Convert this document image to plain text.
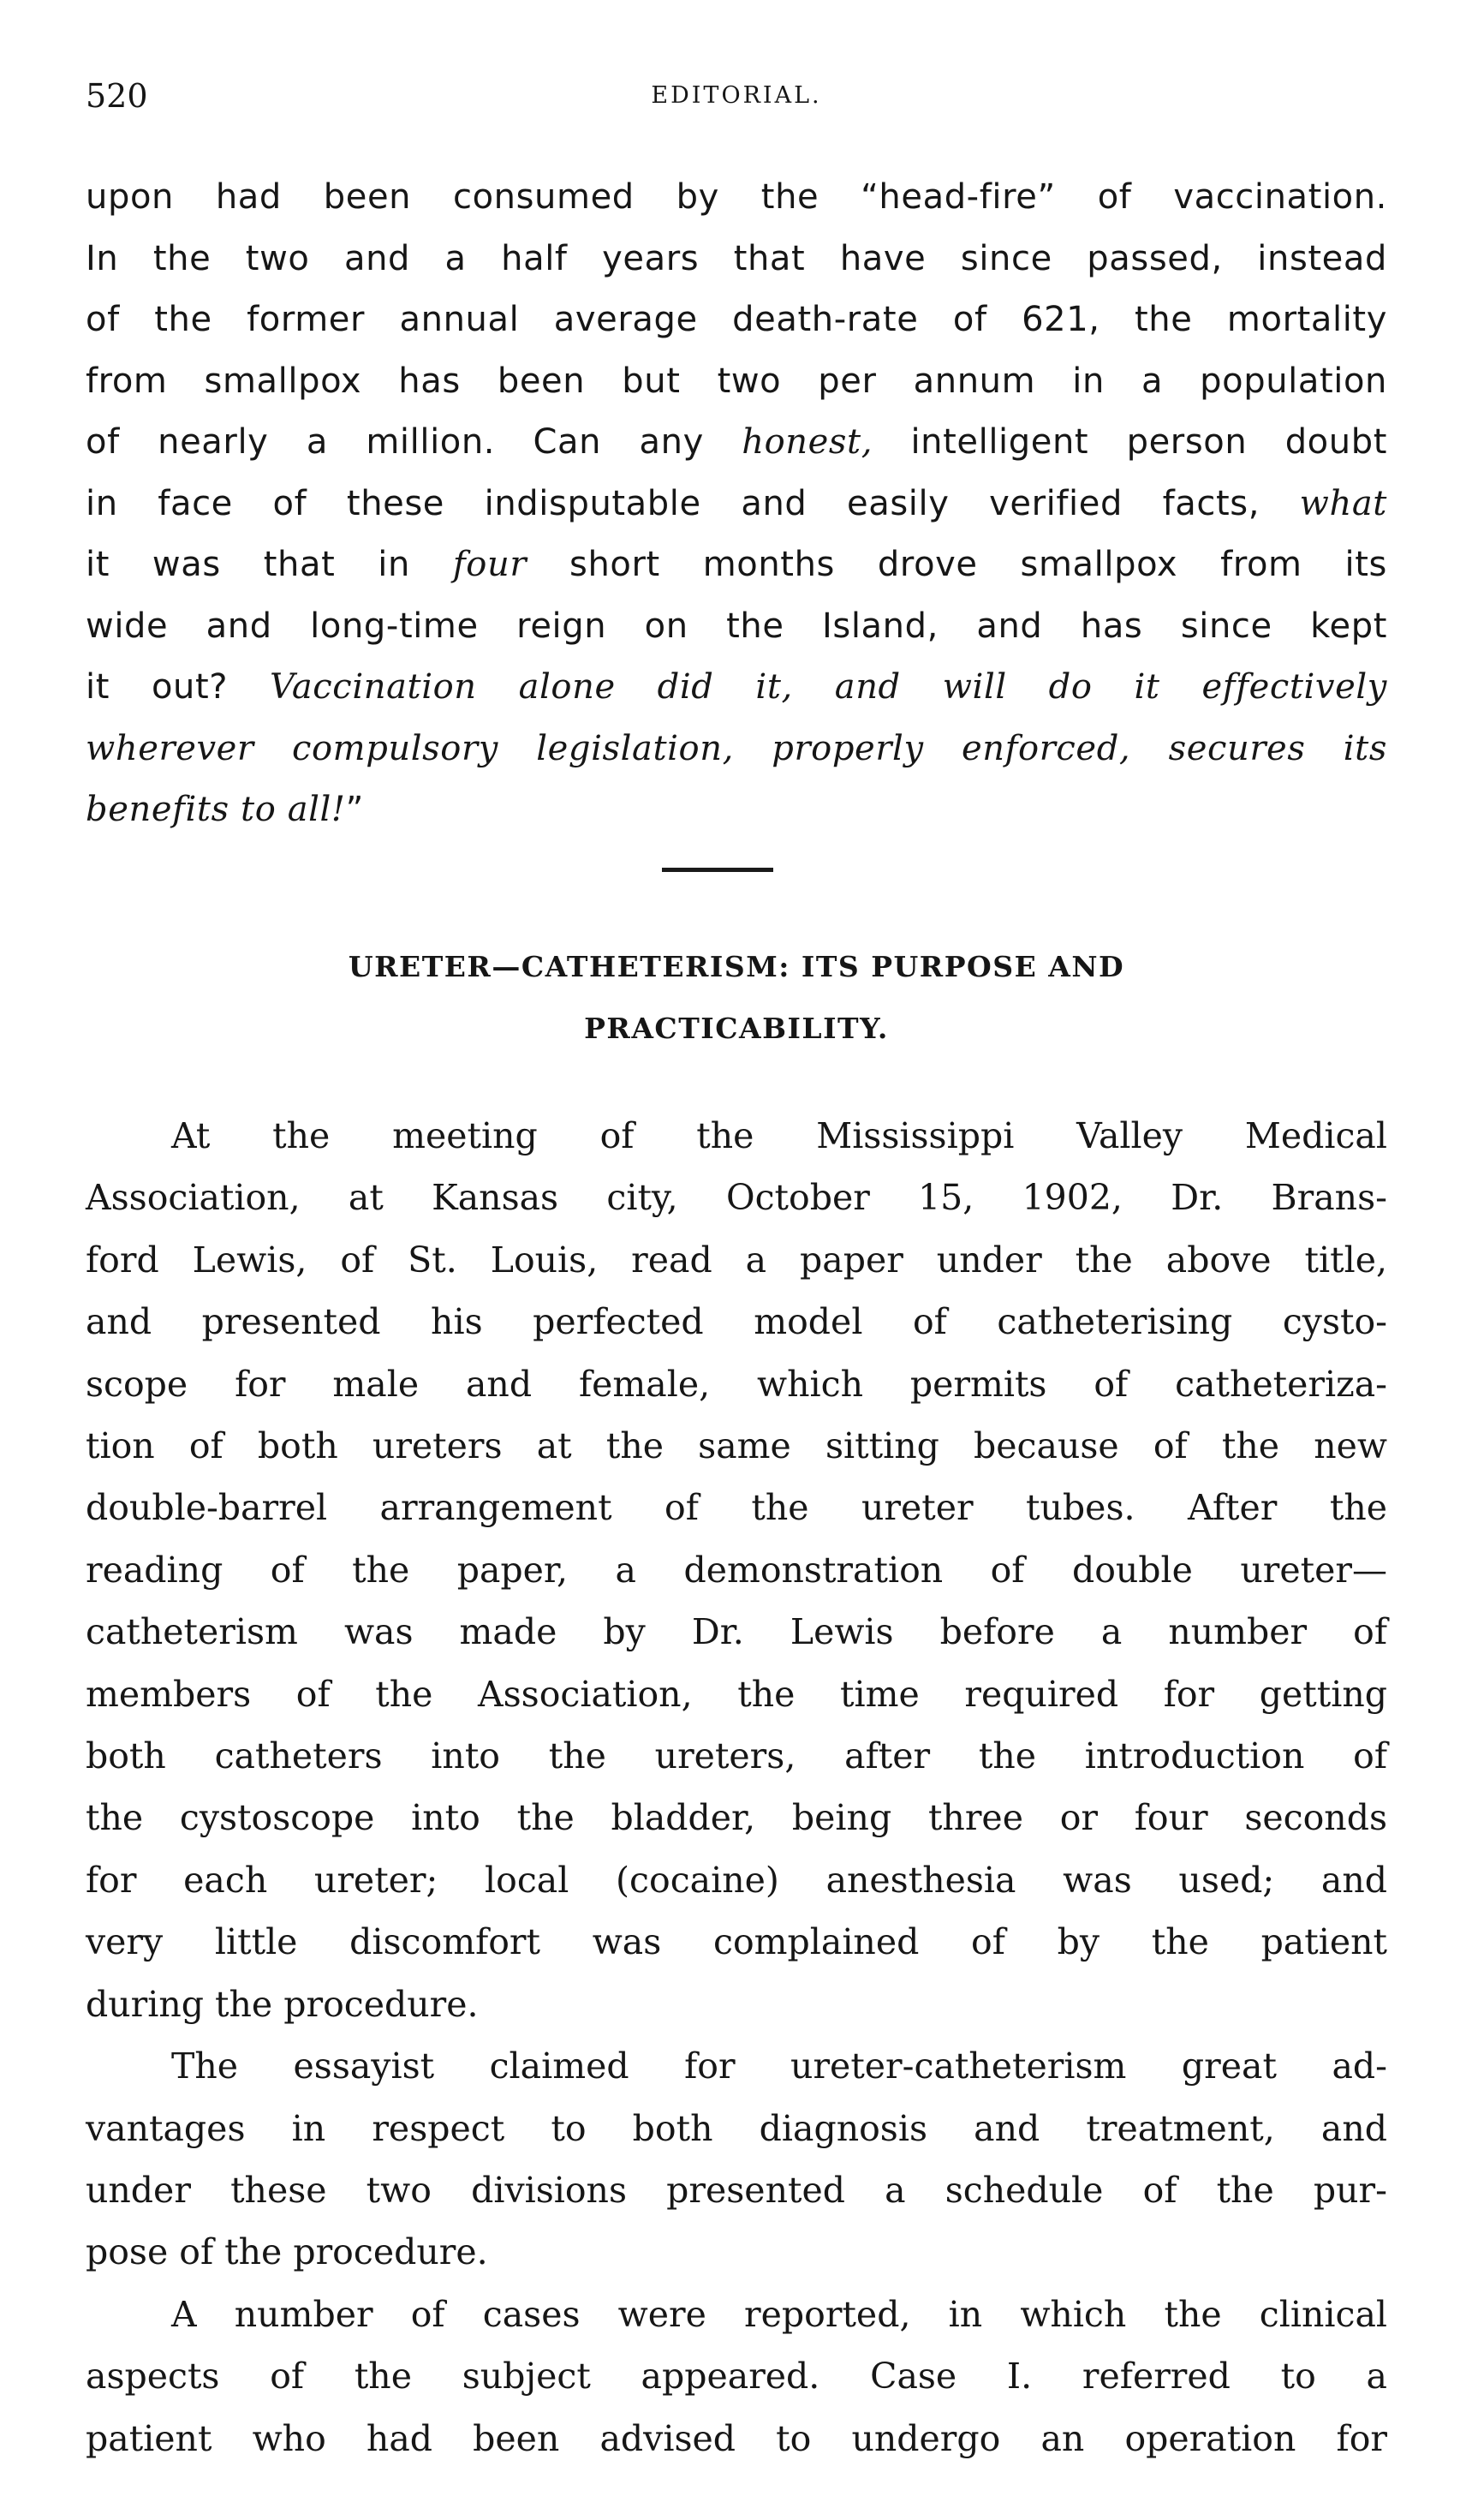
520	EDITORIAL.
upon had been consumed by the “head-fire” of vaccination.
In the two and a half years that have since passed, instead
of the former annual average death-rate of 621, the mortality
from smallpox has been but two per annum in a population
of nearly a million. Can any honest, intelligent person doubt
in face of these indisputable and easily verified facts, what
it was that in four short months drove smallpox from its
wide and long-time reign on the Island, and has since kept
it out? Vaccination alone did it, and will do it effectively
wherever compulsory legislation, properly enforced, secures its
benefits to all!”
URETER—CATHETERISM: ITS PURPOSE AND
PRACTICABILITY.
At the meeting of the Mississippi Valley Medical
Association, at Kansas city, October 15, 1902, Dr. Brans-
ford Lewis, of St. Louis, read a paper under the above title,
and presented his perfected model of catheterising cysto-
scope for male and female, which permits of catheteriza-
tion of both ureters at the same sitting because of the new
double-barrel arrangement of the ureter tubes. After the
reading of the paper, a demonstration of double ureter—
catheterism was made by Dr. Lewis before a number of
members of the Association, the time required for getting
both catheters into the ureters, after the introduction of
the cystoscope into the bladder, being three or four seconds
for each ureter; local (cocaine) anesthesia was used; and
very little discomfort was complained of by the patient
during the procedure.
The essayist claimed for ureter-catheterism great ad-
vantages in respect to both diagnosis and treatment, and
under these two divisions presented a schedule of the pur-
pose of the procedure.
A number of cases were reported, in which the clinical
aspects of the subject appeared. Case I. referred to a
patient who had been advised to undergo an operation for
